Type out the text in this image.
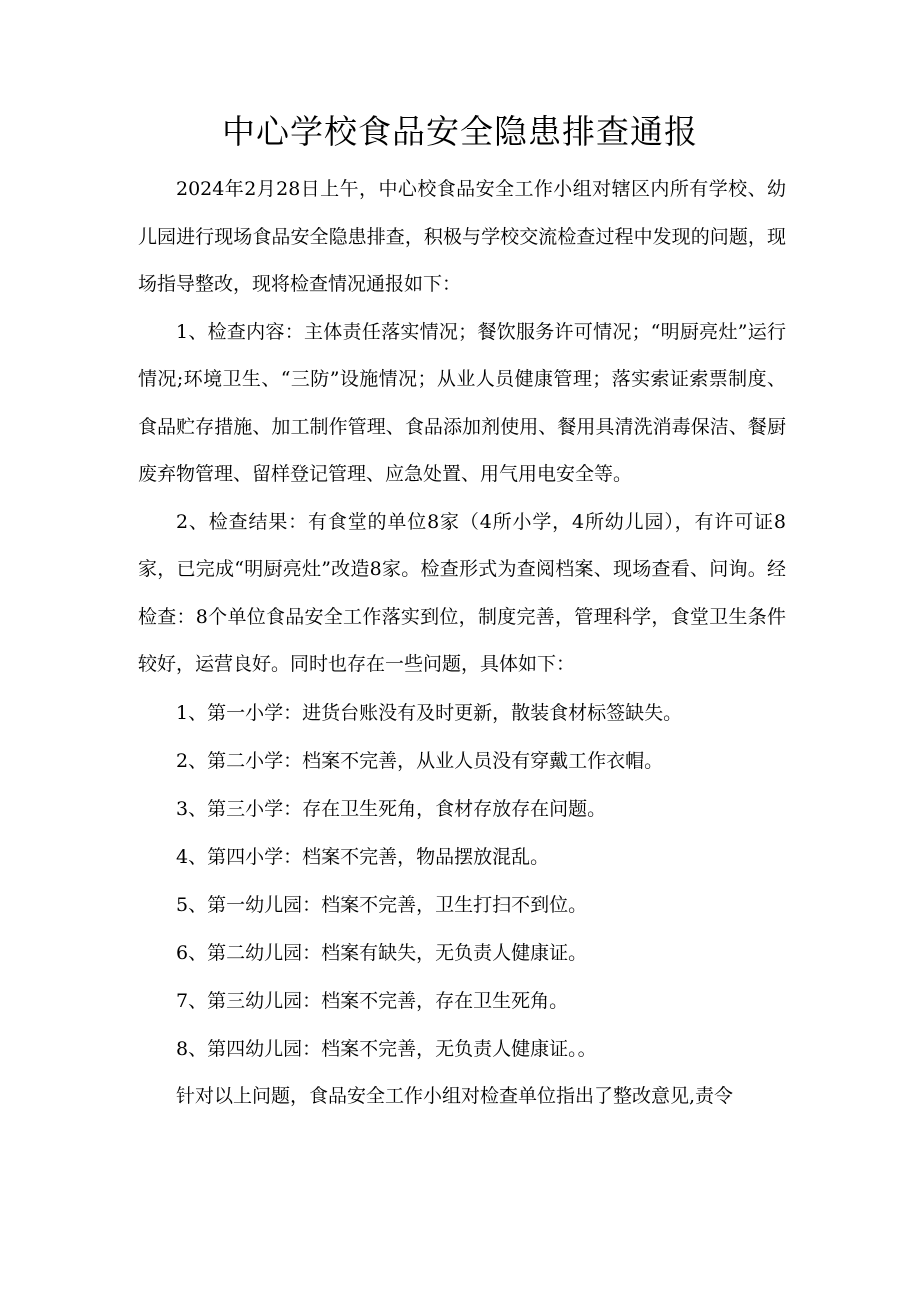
中心学校食品安全隐患排查通报

2024年2月28日上午，中心校食品安全工作小组对辖区内所有学校、幼儿园进行现场食品安全隐患排查，积极与学校交流检查过程中发现的问题，现场指导整改，现将检查情况通报如下：

1、检查内容：主体责任落实情况；餐饮服务许可情况；“明厨亮灶”运行情况;环境卫生、“三防”设施情况；从业人员健康管理；落实索证索票制度、食品贮存措施、加工制作管理、食品添加剂使用、餐用具清洗消毒保洁、餐厨废弃物管理、留样登记管理、应急处置、用气用电安全等。

2、检查结果：有食堂的单位8家（4所小学，4所幼儿园），有许可证8家，已完成“明厨亮灶”改造8家。检查形式为查阅档案、现场查看、问询。经检查：8个单位食品安全工作落实到位，制度完善，管理科学，食堂卫生条件较好，运营良好。同时也存在一些问题，具体如下：

1、第一小学：进货台账没有及时更新，散装食材标签缺失。

2、第二小学：档案不完善，从业人员没有穿戴工作衣帽。

3、第三小学：存在卫生死角，食材存放存在问题。

4、第四小学：档案不完善，物品摆放混乱。

5、第一幼儿园：档案不完善，卫生打扫不到位。

6、第二幼儿园：档案有缺失，无负责人健康证。

7、第三幼儿园：档案不完善，存在卫生死角。

8、第四幼儿园：档案不完善，无负责人健康证。。

针对以上问题，食品安全工作小组对检查单位指出了整改意见,责令
